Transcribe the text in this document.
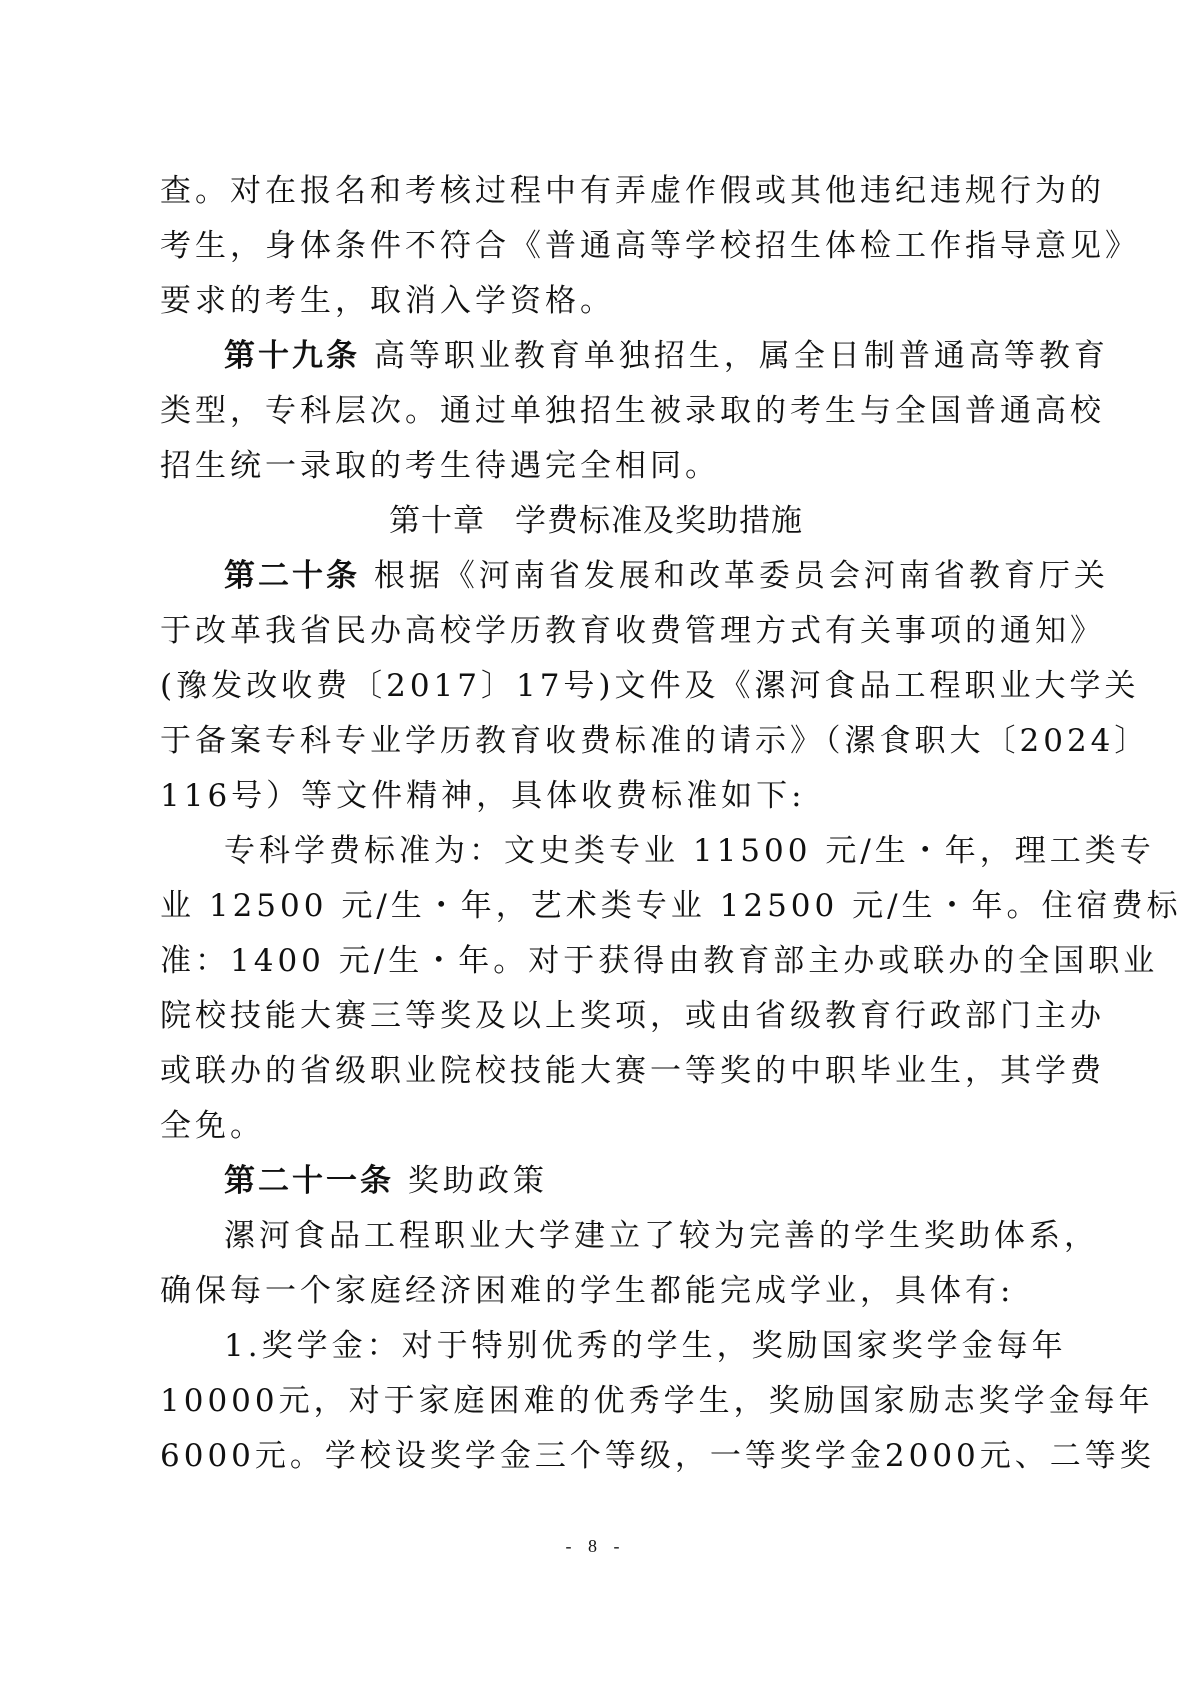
查。对在报名和考核过程中有弄虚作假或其他违纪违规行为的
考生，身体条件不符合《普通高等学校招生体检工作指导意见》
要求的考生，取消入学资格。
第十九条 高等职业教育单独招生，属全日制普通高等教育
类型，专科层次。通过单独招生被录取的考生与全国普通高校
招生统一录取的考生待遇完全相同。
第十章 学费标准及奖助措施
第二十条 根据《河南省发展和改革委员会河南省教育厅关
于改革我省民办高校学历教育收费管理方式有关事项的通知》
(豫发改收费〔2017〕17号)文件及《漯河食品工程职业大学关
于备案专科专业学历教育收费标准的请示》（漯食职大〔2024〕
116号）等文件精神，具体收费标准如下:
专科学费标准为：文史类专业 11500 元/生・年，理工类专
业 12500 元/生・年，艺术类专业 12500 元/生・年。住宿费标
准：1400 元/生・年。对于获得由教育部主办或联办的全国职业
院校技能大赛三等奖及以上奖项，或由省级教育行政部门主办
或联办的省级职业院校技能大赛一等奖的中职毕业生，其学费
全免。
第二十一条 奖助政策
漯河食品工程职业大学建立了较为完善的学生奖助体系，
确保每一个家庭经济困难的学生都能完成学业，具体有:
1.奖学金：对于特别优秀的学生，奖励国家奖学金每年
10000元，对于家庭困难的优秀学生，奖励国家励志奖学金每年
6000元。学校设奖学金三个等级，一等奖学金2000元、二等奖
- 8 -
